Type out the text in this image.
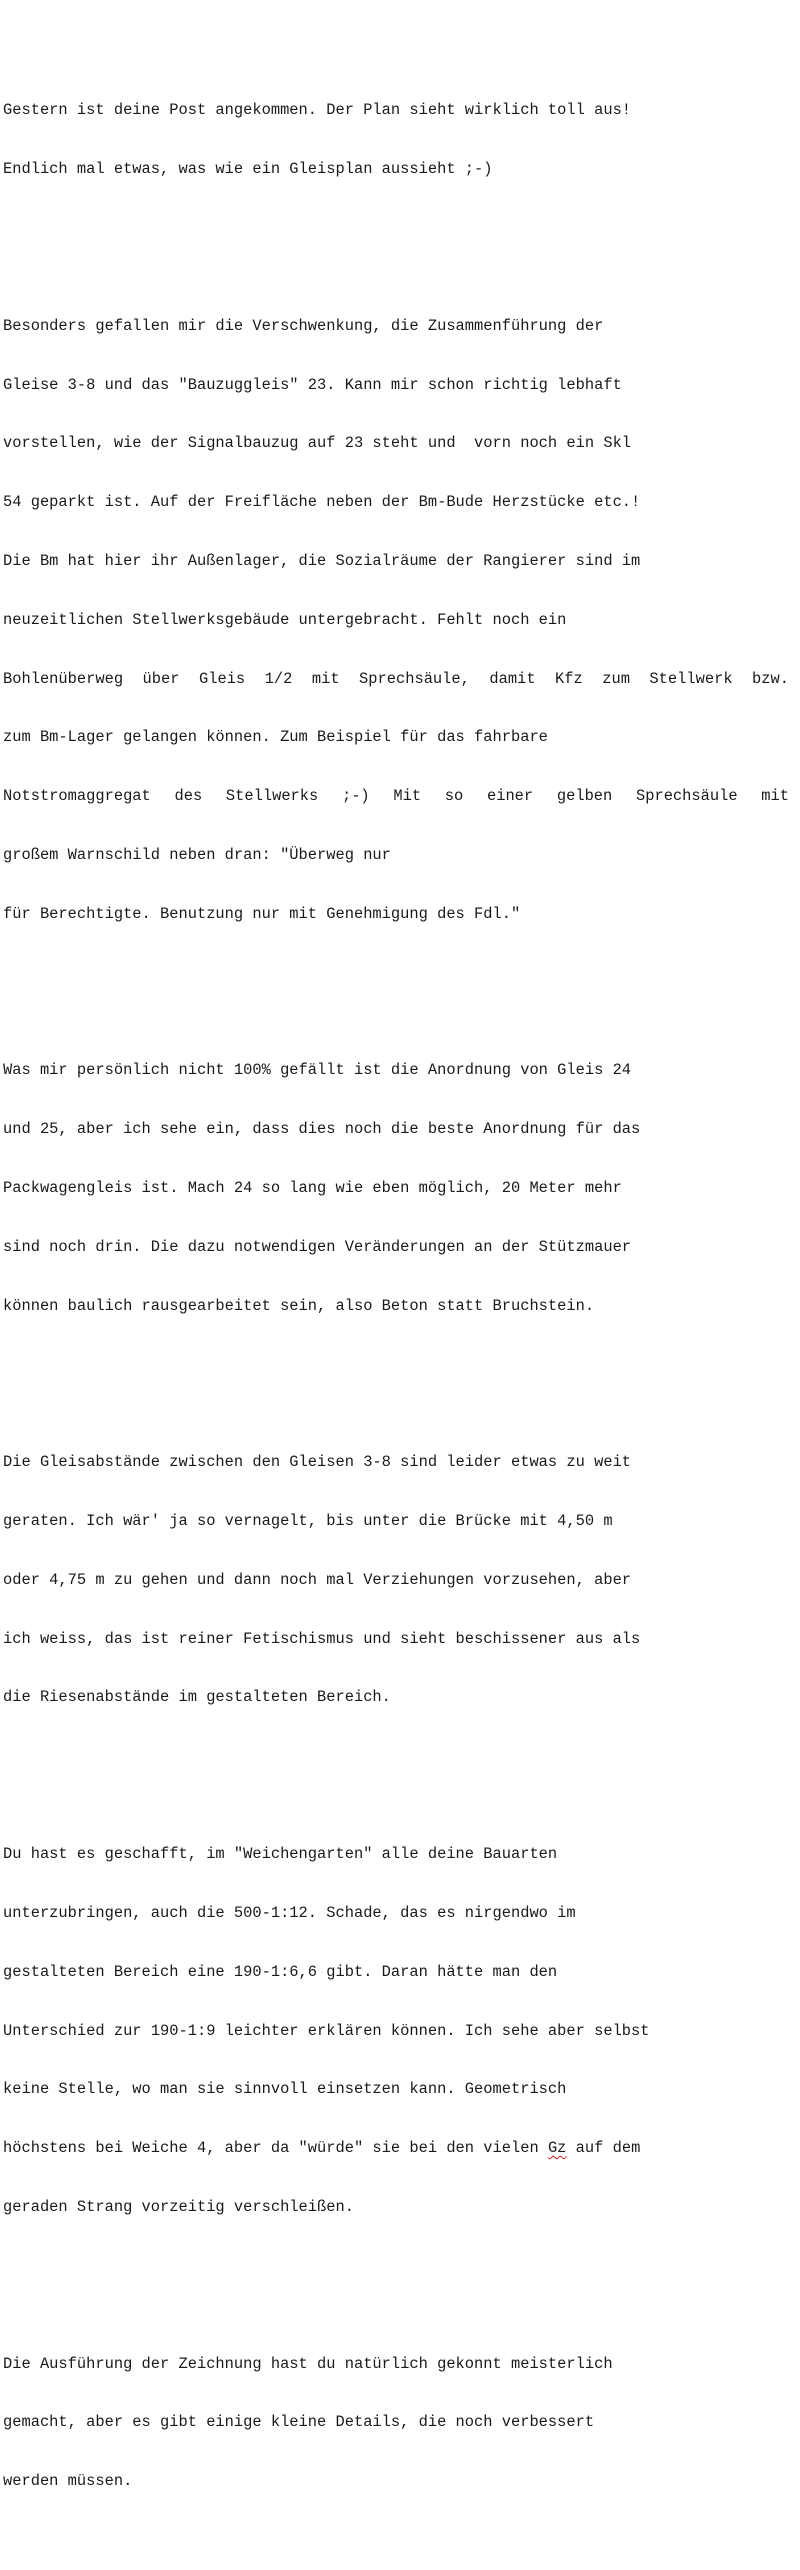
Gestern ist deine Post angekommen. Der Plan sieht wirklich toll aus!

Endlich mal etwas, was wie ein Gleisplan aussieht ;-)

Besonders gefallen mir die Verschwenkung, die Zusammenführung der

Gleise 3-8 und das "Bauzuggleis" 23. Kann mir schon richtig lebhaft

vorstellen, wie der Signalbauzug auf 23 steht und  vorn noch ein Skl

54 geparkt ist. Auf der Freifläche neben der Bm-Bude Herzstücke etc.!

Die Bm hat hier ihr Außenlager, die Sozialräume der Rangierer sind im

neuzeitlichen Stellwerksgebäude untergebracht. Fehlt noch ein

Bohlenüberweg über Gleis 1/2 mit Sprechsäule, damit Kfz zum Stellwerk bzw.

zum Bm-Lager gelangen können. Zum Beispiel für das fahrbare

Notstromaggregat des Stellwerks ;-) Mit so einer gelben Sprechsäule mit

großem Warnschild neben dran: "Überweg nur

für Berechtigte. Benutzung nur mit Genehmigung des Fdl."

Was mir persönlich nicht 100% gefällt ist die Anordnung von Gleis 24

und 25, aber ich sehe ein, dass dies noch die beste Anordnung für das

Packwagengleis ist. Mach 24 so lang wie eben möglich, 20 Meter mehr

sind noch drin. Die dazu notwendigen Veränderungen an der Stützmauer

können baulich rausgearbeitet sein, also Beton statt Bruchstein.

Die Gleisabstände zwischen den Gleisen 3-8 sind leider etwas zu weit

geraten. Ich wär' ja so vernagelt, bis unter die Brücke mit 4,50 m

oder 4,75 m zu gehen und dann noch mal Verziehungen vorzusehen, aber

ich weiss, das ist reiner Fetischismus und sieht beschissener aus als

die Riesenabstände im gestalteten Bereich.

Du hast es geschafft, im "Weichengarten" alle deine Bauarten

unterzubringen, auch die 500-1:12. Schade, das es nirgendwo im

gestalteten Bereich eine 190-1:6,6 gibt. Daran hätte man den

Unterschied zur 190-1:9 leichter erklären können. Ich sehe aber selbst

keine Stelle, wo man sie sinnvoll einsetzen kann. Geometrisch

höchstens bei Weiche 4, aber da "würde" sie bei den vielen Gz auf dem

geraden Strang vorzeitig verschleißen.

Die Ausführung der Zeichnung hast du natürlich gekonnt meisterlich

gemacht, aber es gibt einige kleine Details, die noch verbessert

werden müssen.
